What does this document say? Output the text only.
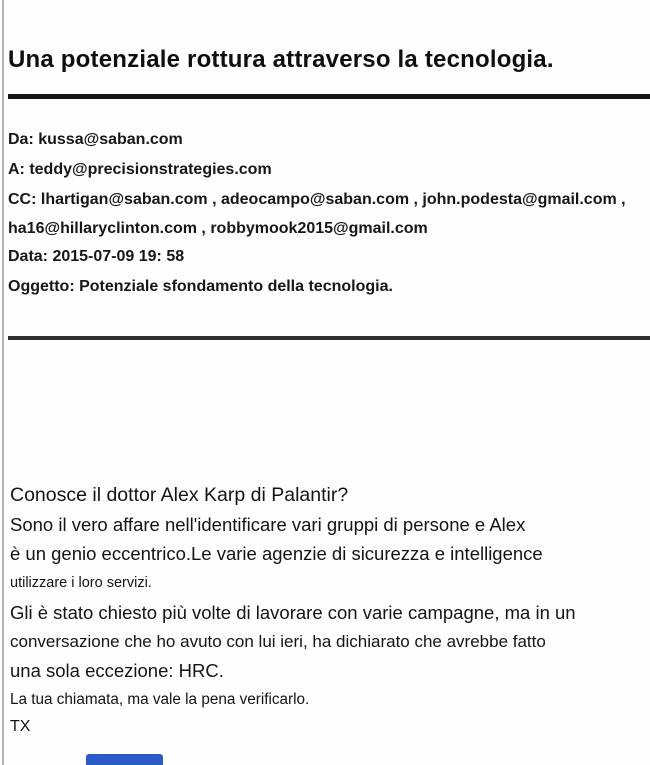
Una potenziale rottura attraverso la tecnologia.
Da: kussa@saban.com
A: teddy@precisionstrategies.com
CC: lhartigan@saban.com , adeocampo@saban.com , john.podesta@gmail.com ,
ha16@hillaryclinton.com , robbymook2015@gmail.com
Data: 2015-07-09 19: 58
Oggetto: Potenziale sfondamento della tecnologia.
Conosce il dottor Alex Karp di Palantir?
Sono il vero affare nell'identificare vari gruppi di persone e Alex
è un genio eccentrico.Le varie agenzie di sicurezza e intelligence
utilizzare i loro servizi.
Gli è stato chiesto più volte di lavorare con varie campagne, ma in un
conversazione che ho avuto con lui ieri, ha dichiarato che avrebbe fatto
una sola eccezione: HRC.
La tua chiamata, ma vale la pena verificarlo.
TX
